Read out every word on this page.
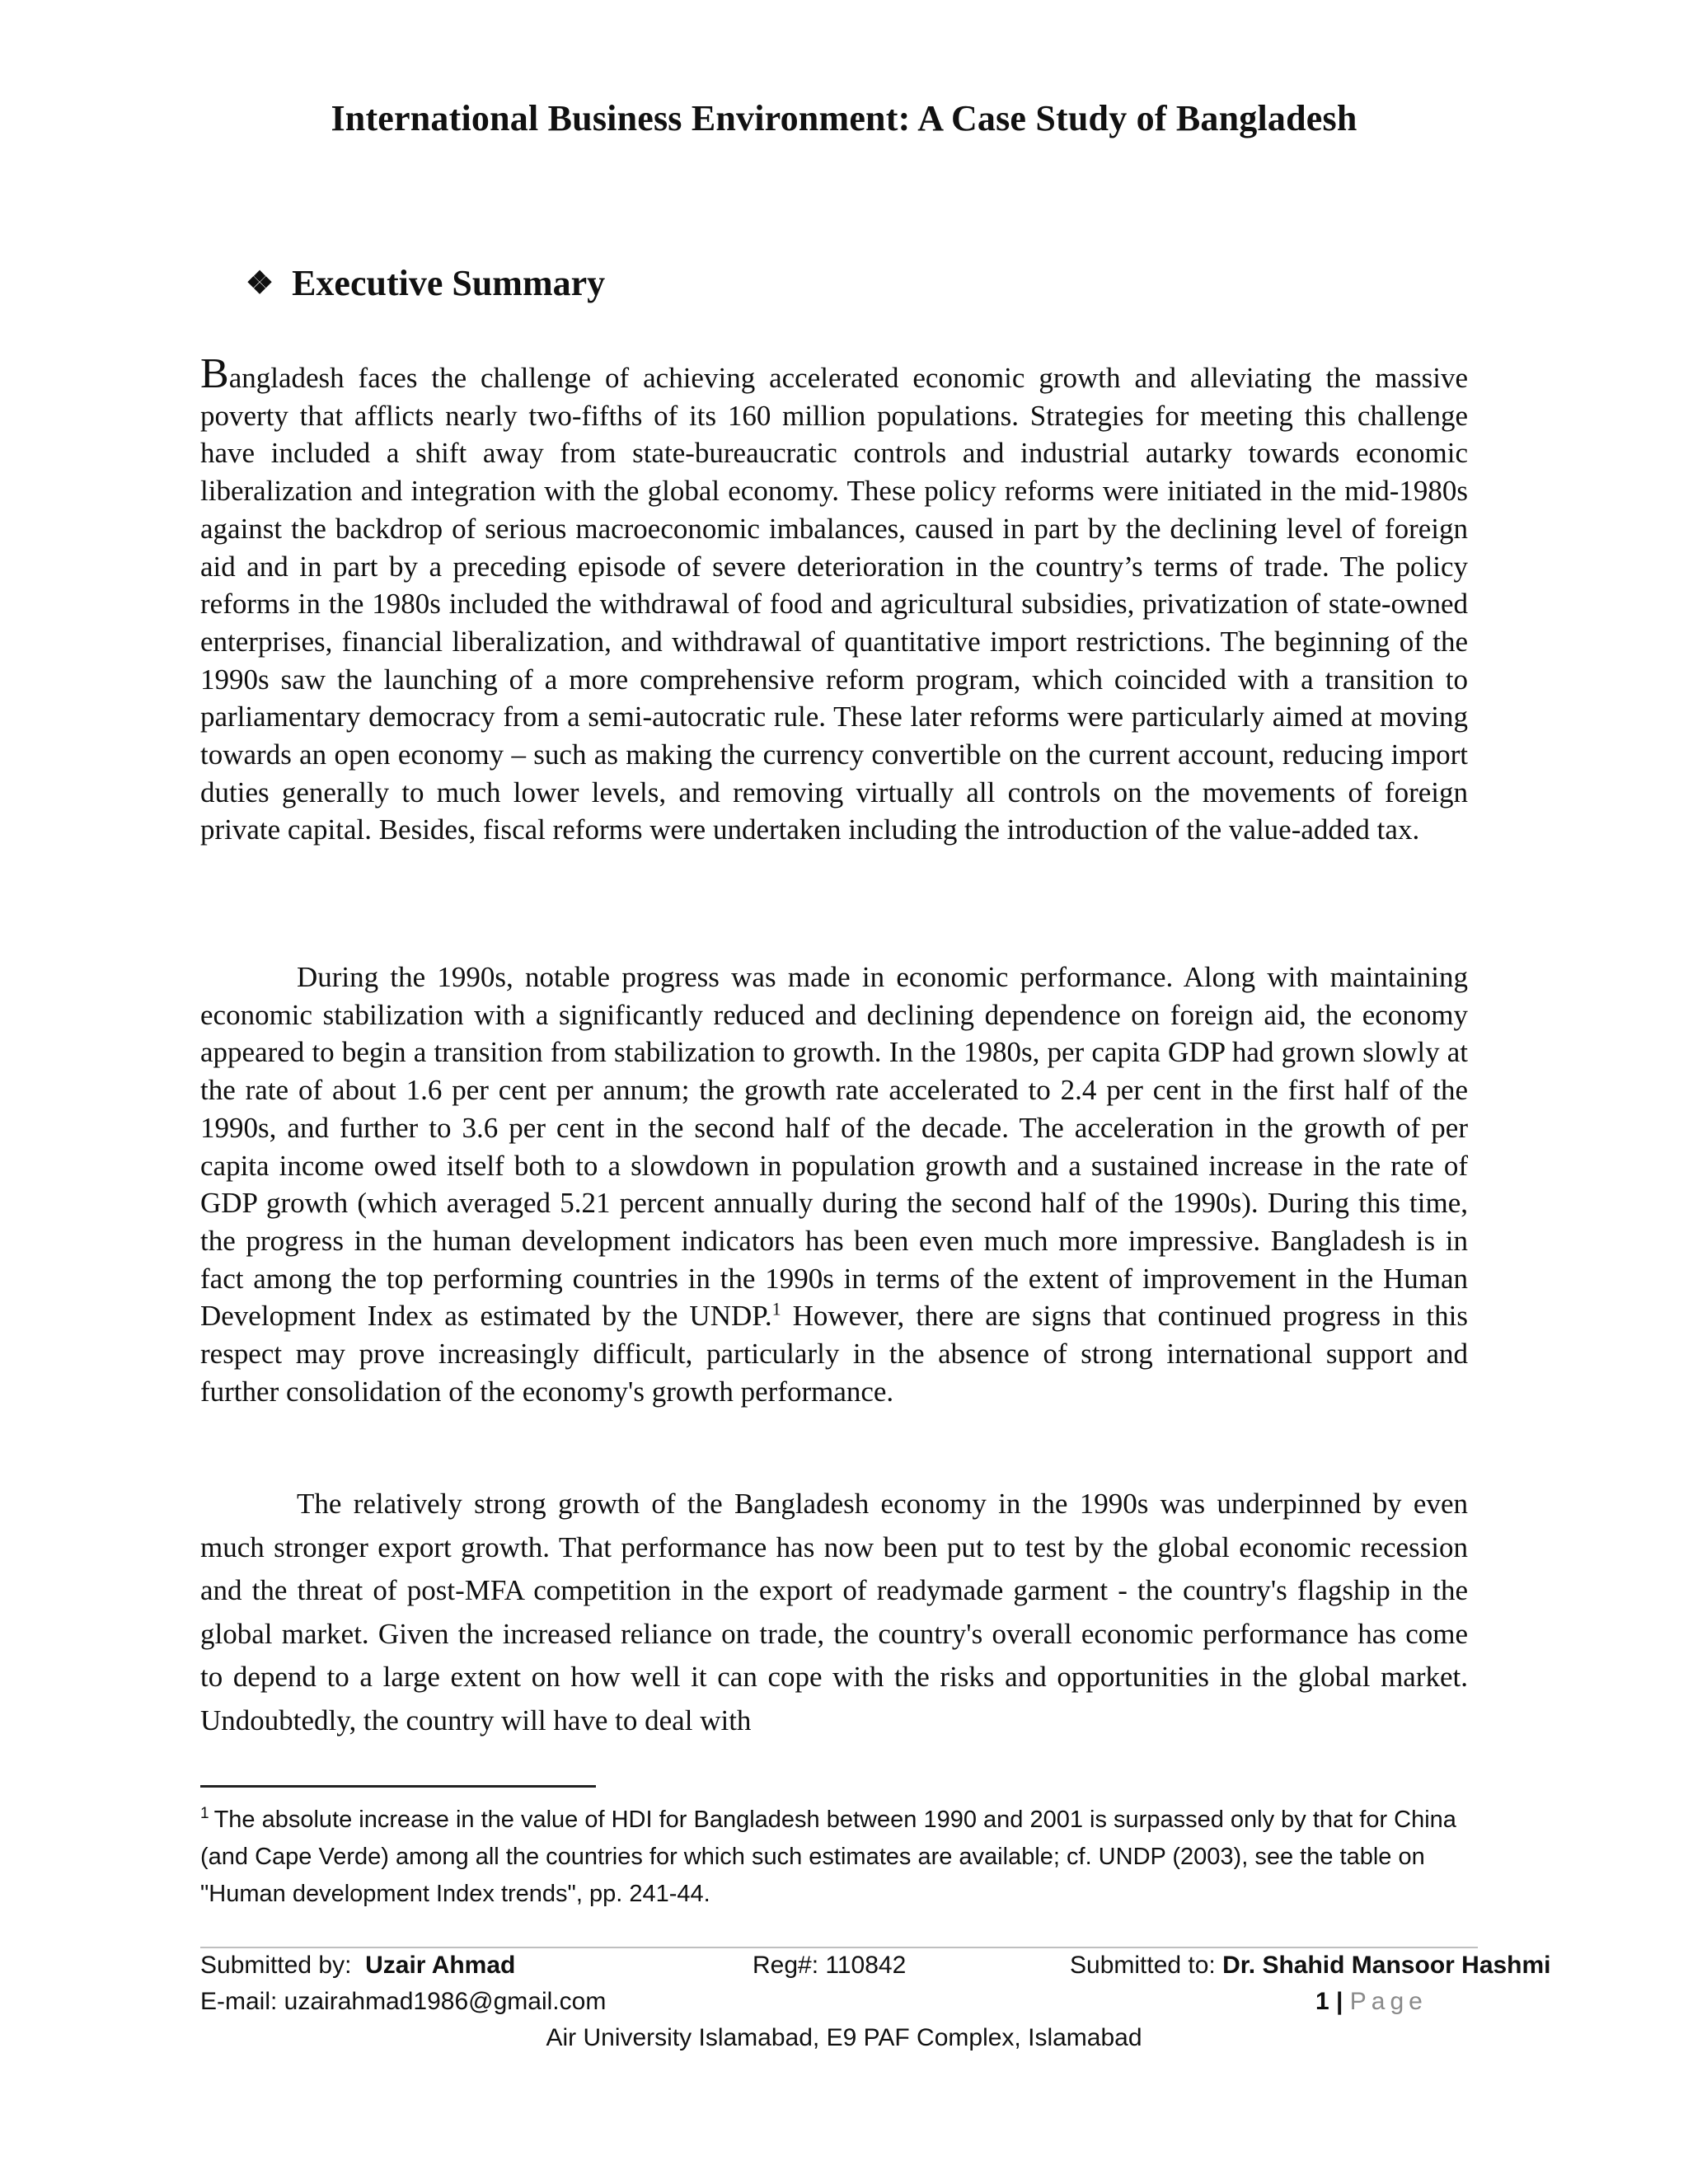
International Business Environment: A Case Study of Bangladesh
❖ Executive Summary

Bangladesh faces the challenge of achieving accelerated economic growth and alleviating the massive poverty that afflicts nearly two-fifths of its 160 million populations. Strategies for meeting this challenge have included a shift away from state-bureaucratic controls and industrial autarky towards economic liberalization and integration with the global economy. These policy reforms were initiated in the mid-1980s against the backdrop of serious macroeconomic imbalances, caused in part by the declining level of foreign aid and in part by a preceding episode of severe deterioration in the country’s terms of trade. The policy reforms in the 1980s included the withdrawal of food and agricultural subsidies, privatization of state-owned enterprises, financial liberalization, and withdrawal of quantitative import restrictions. The beginning of the 1990s saw the launching of a more comprehensive reform program, which coincided with a transition to parliamentary democracy from a semi-autocratic rule. These later reforms were particularly aimed at moving towards an open economy – such as making the currency convertible on the current account, reducing import duties generally to much lower levels, and removing virtually all controls on the movements of foreign private capital. Besides, fiscal reforms were undertaken including the introduction of the value-added tax.

During the 1990s, notable progress was made in economic performance. Along with maintaining economic stabilization with a significantly reduced and declining dependence on foreign aid, the economy appeared to begin a transition from stabilization to growth. In the 1980s, per capita GDP had grown slowly at the rate of about 1.6 per cent per annum; the growth rate accelerated to 2.4 per cent in the first half of the 1990s, and further to 3.6 per cent in the second half of the decade. The acceleration in the growth of per capita income owed itself both to a slowdown in population growth and a sustained increase in the rate of GDP growth (which averaged 5.21 percent annually during the second half of the 1990s). During this time, the progress in the human development indicators has been even much more impressive. Bangladesh is in fact among the top performing countries in the 1990s in terms of the extent of improvement in the Human Development Index as estimated by the UNDP.$^1$ However, there are signs that continued progress in this respect may prove increasingly difficult, particularly in the absence of strong international support and further consolidation of the economy's growth performance.

The relatively strong growth of the Bangladesh economy in the 1990s was underpinned by even much stronger export growth. That performance has now been put to test by the global economic recession and the threat of post-MFA competition in the export of readymade garment - the country's flagship in the global market. Given the increased reliance on trade, the country's overall economic performance has come to depend to a large extent on how well it can cope with the risks and opportunities in the global market. Undoubtedly, the country will have to deal with

$^1$ The absolute increase in the value of HDI for Bangladesh between 1990 and 2001 is surpassed only by that for China (and Cape Verde) among all the countries for which such estimates are available; cf. UNDP (2003), see the table on "Human development Index trends", pp. 241-44.

Submitted by: Uzair Ahmad	Reg#: 110842	Submitted to: Dr. Shahid Mansoor Hashmi
E-mail: uzairahmad1986@gmail.com	1 | Page
Air University Islamabad, E9 PAF Complex, Islamabad
